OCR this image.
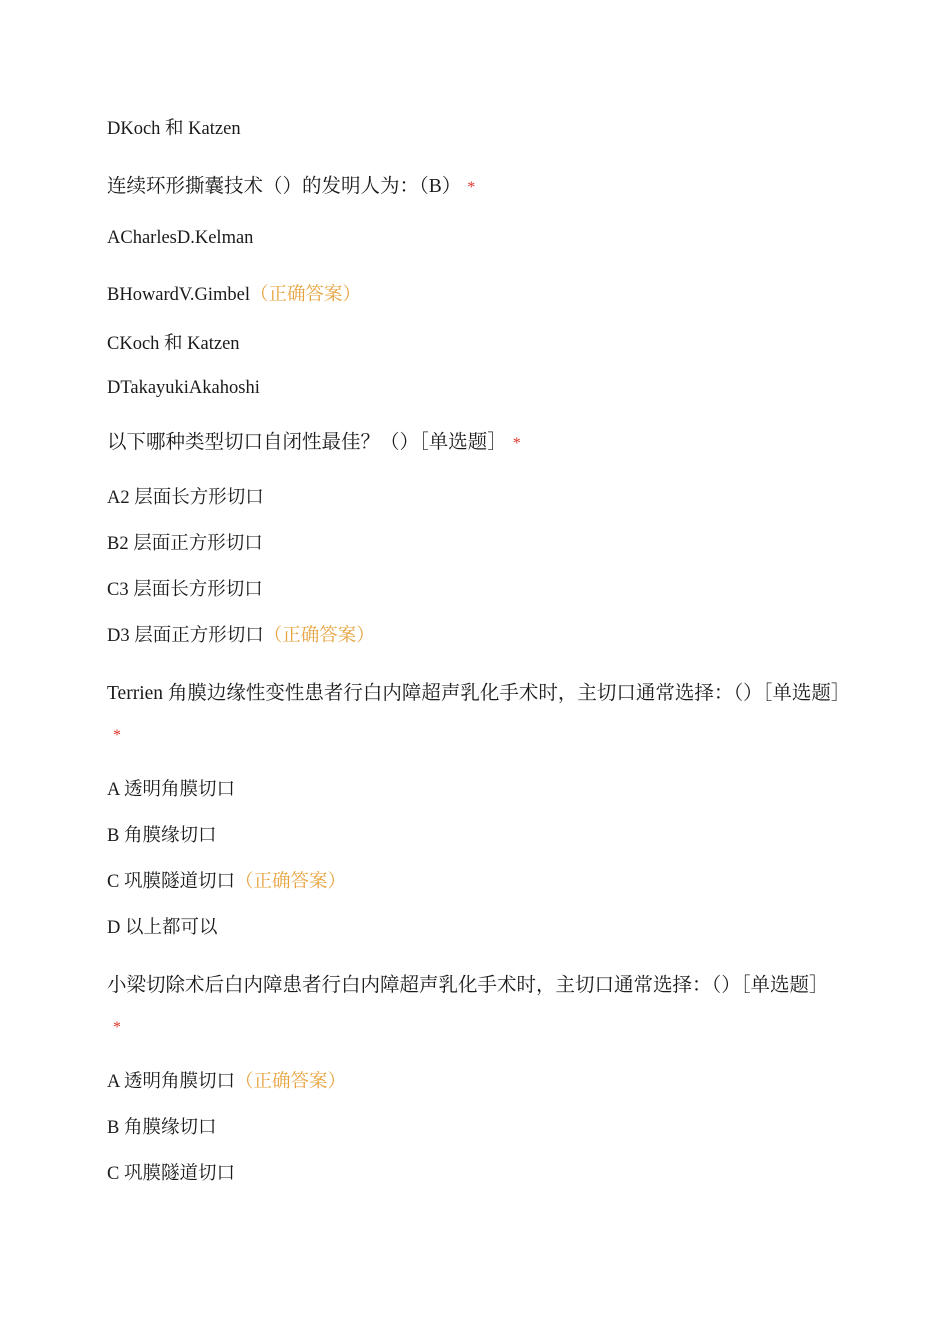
DKoch 和 Katzen
连续环形撕囊技术（）的发明人为：（B） *
ACharlesD.Kelman
BHowardV.Gimbel（正确答案）
CKoch 和 Katzen
DTakayukiAkahoshi
以下哪种类型切口自闭性最佳？（）［单选题］ *
A2 层面长方形切口
B2 层面正方形切口
C3 层面长方形切口
D3 层面正方形切口（正确答案）
Terrien 角膜边缘性变性患者行白内障超声乳化手术时，主切口通常选择：（）［单选题］*
A 透明角膜切口
B 角膜缘切口
C 巩膜隧道切口（正确答案）
D 以上都可以
小梁切除术后白内障患者行白内障超声乳化手术时，主切口通常选择：（）［单选题］*
A 透明角膜切口（正确答案）
B 角膜缘切口
C 巩膜隧道切口
